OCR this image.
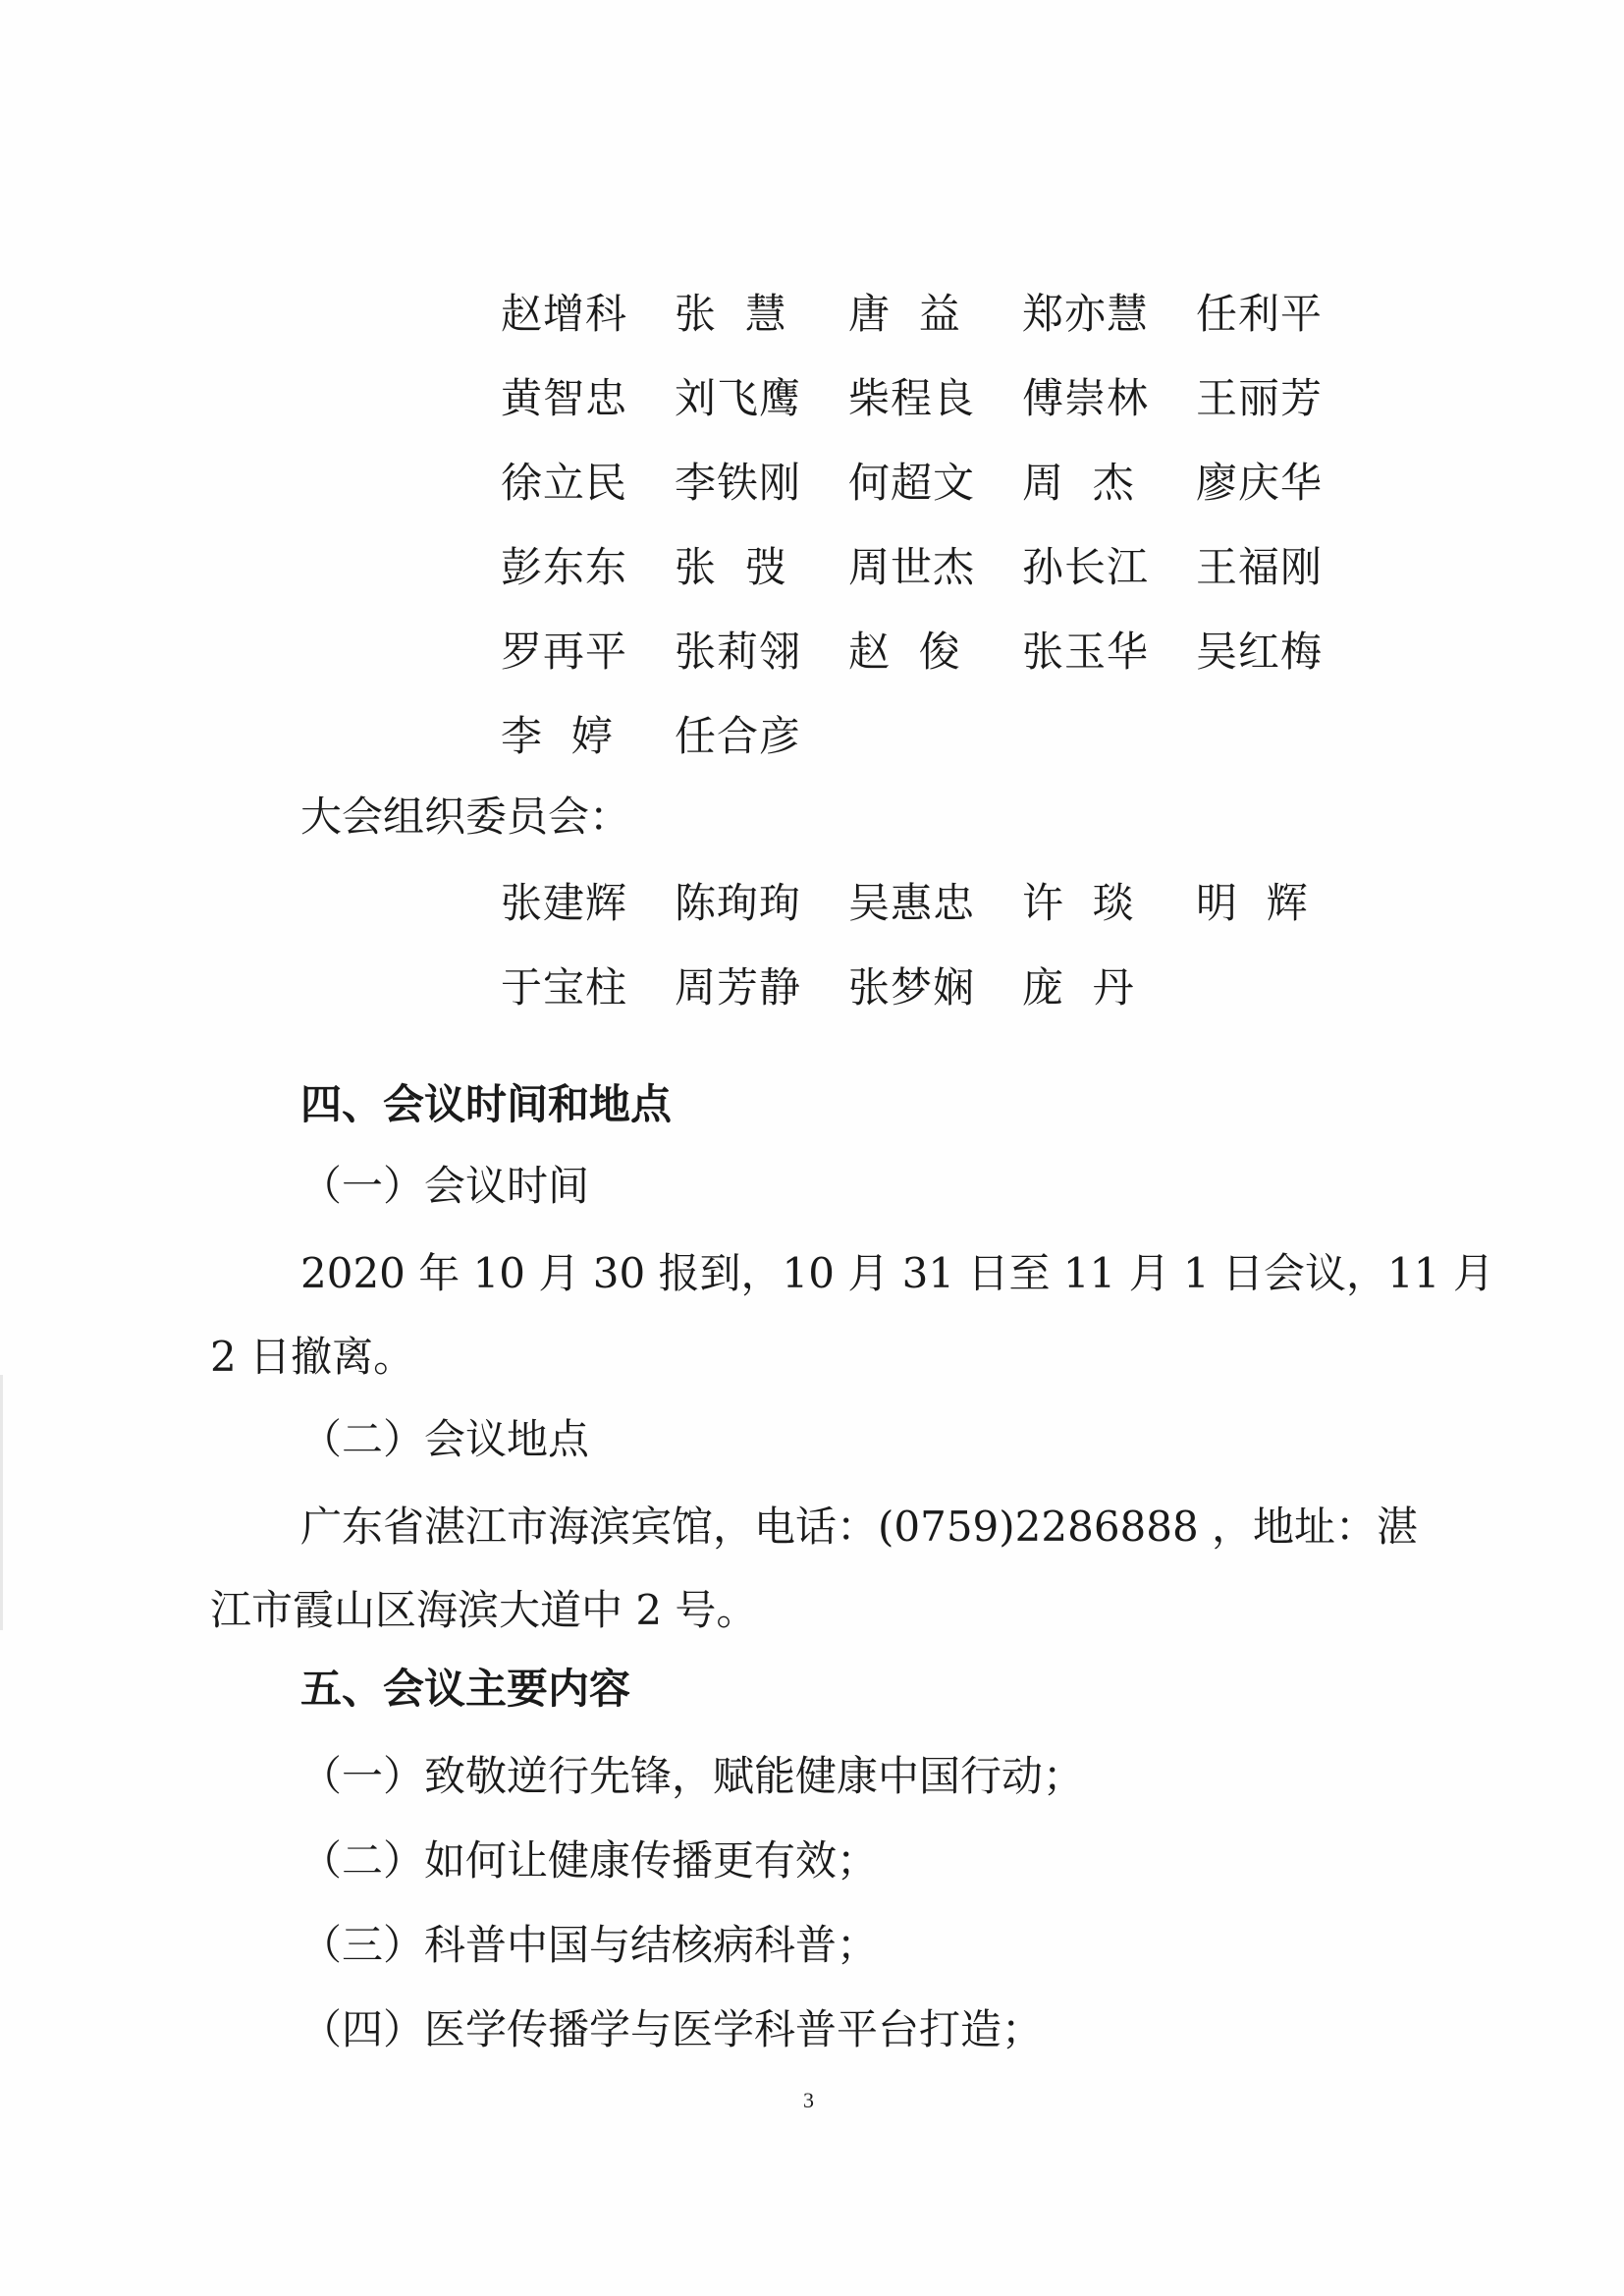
赵增科 张  慧 唐  益 郑亦慧 任利平
黄智忠 刘飞鹰 柴程良 傅崇林 王丽芳
徐立民 李铁刚 何超文 周  杰 廖庆华
彭东东 张  弢 周世杰 孙长江 王福刚
罗再平 张莉翎 赵  俊 张玉华 吴红梅
李  婷 任合彦
大会组织委员会：
张建辉 陈珣珣 吴惠忠 许  琰 明  辉
于宝柱 周芳静 张梦娴 庞  丹
四、会议时间和地点
（一）会议时间
2020 年 10 月 30 报到，10 月 31 日至 11 月 1 日会议，11 月
2 日撤离。
（二）会议地点
广东省湛江市海滨宾馆，电话：(0759)2286888 ，地址：湛
江市霞山区海滨大道中 2 号。
五、会议主要内容
（一）致敬逆行先锋，赋能健康中国行动；
（二）如何让健康传播更有效；
（三）科普中国与结核病科普；
（四）医学传播学与医学科普平台打造；
3
